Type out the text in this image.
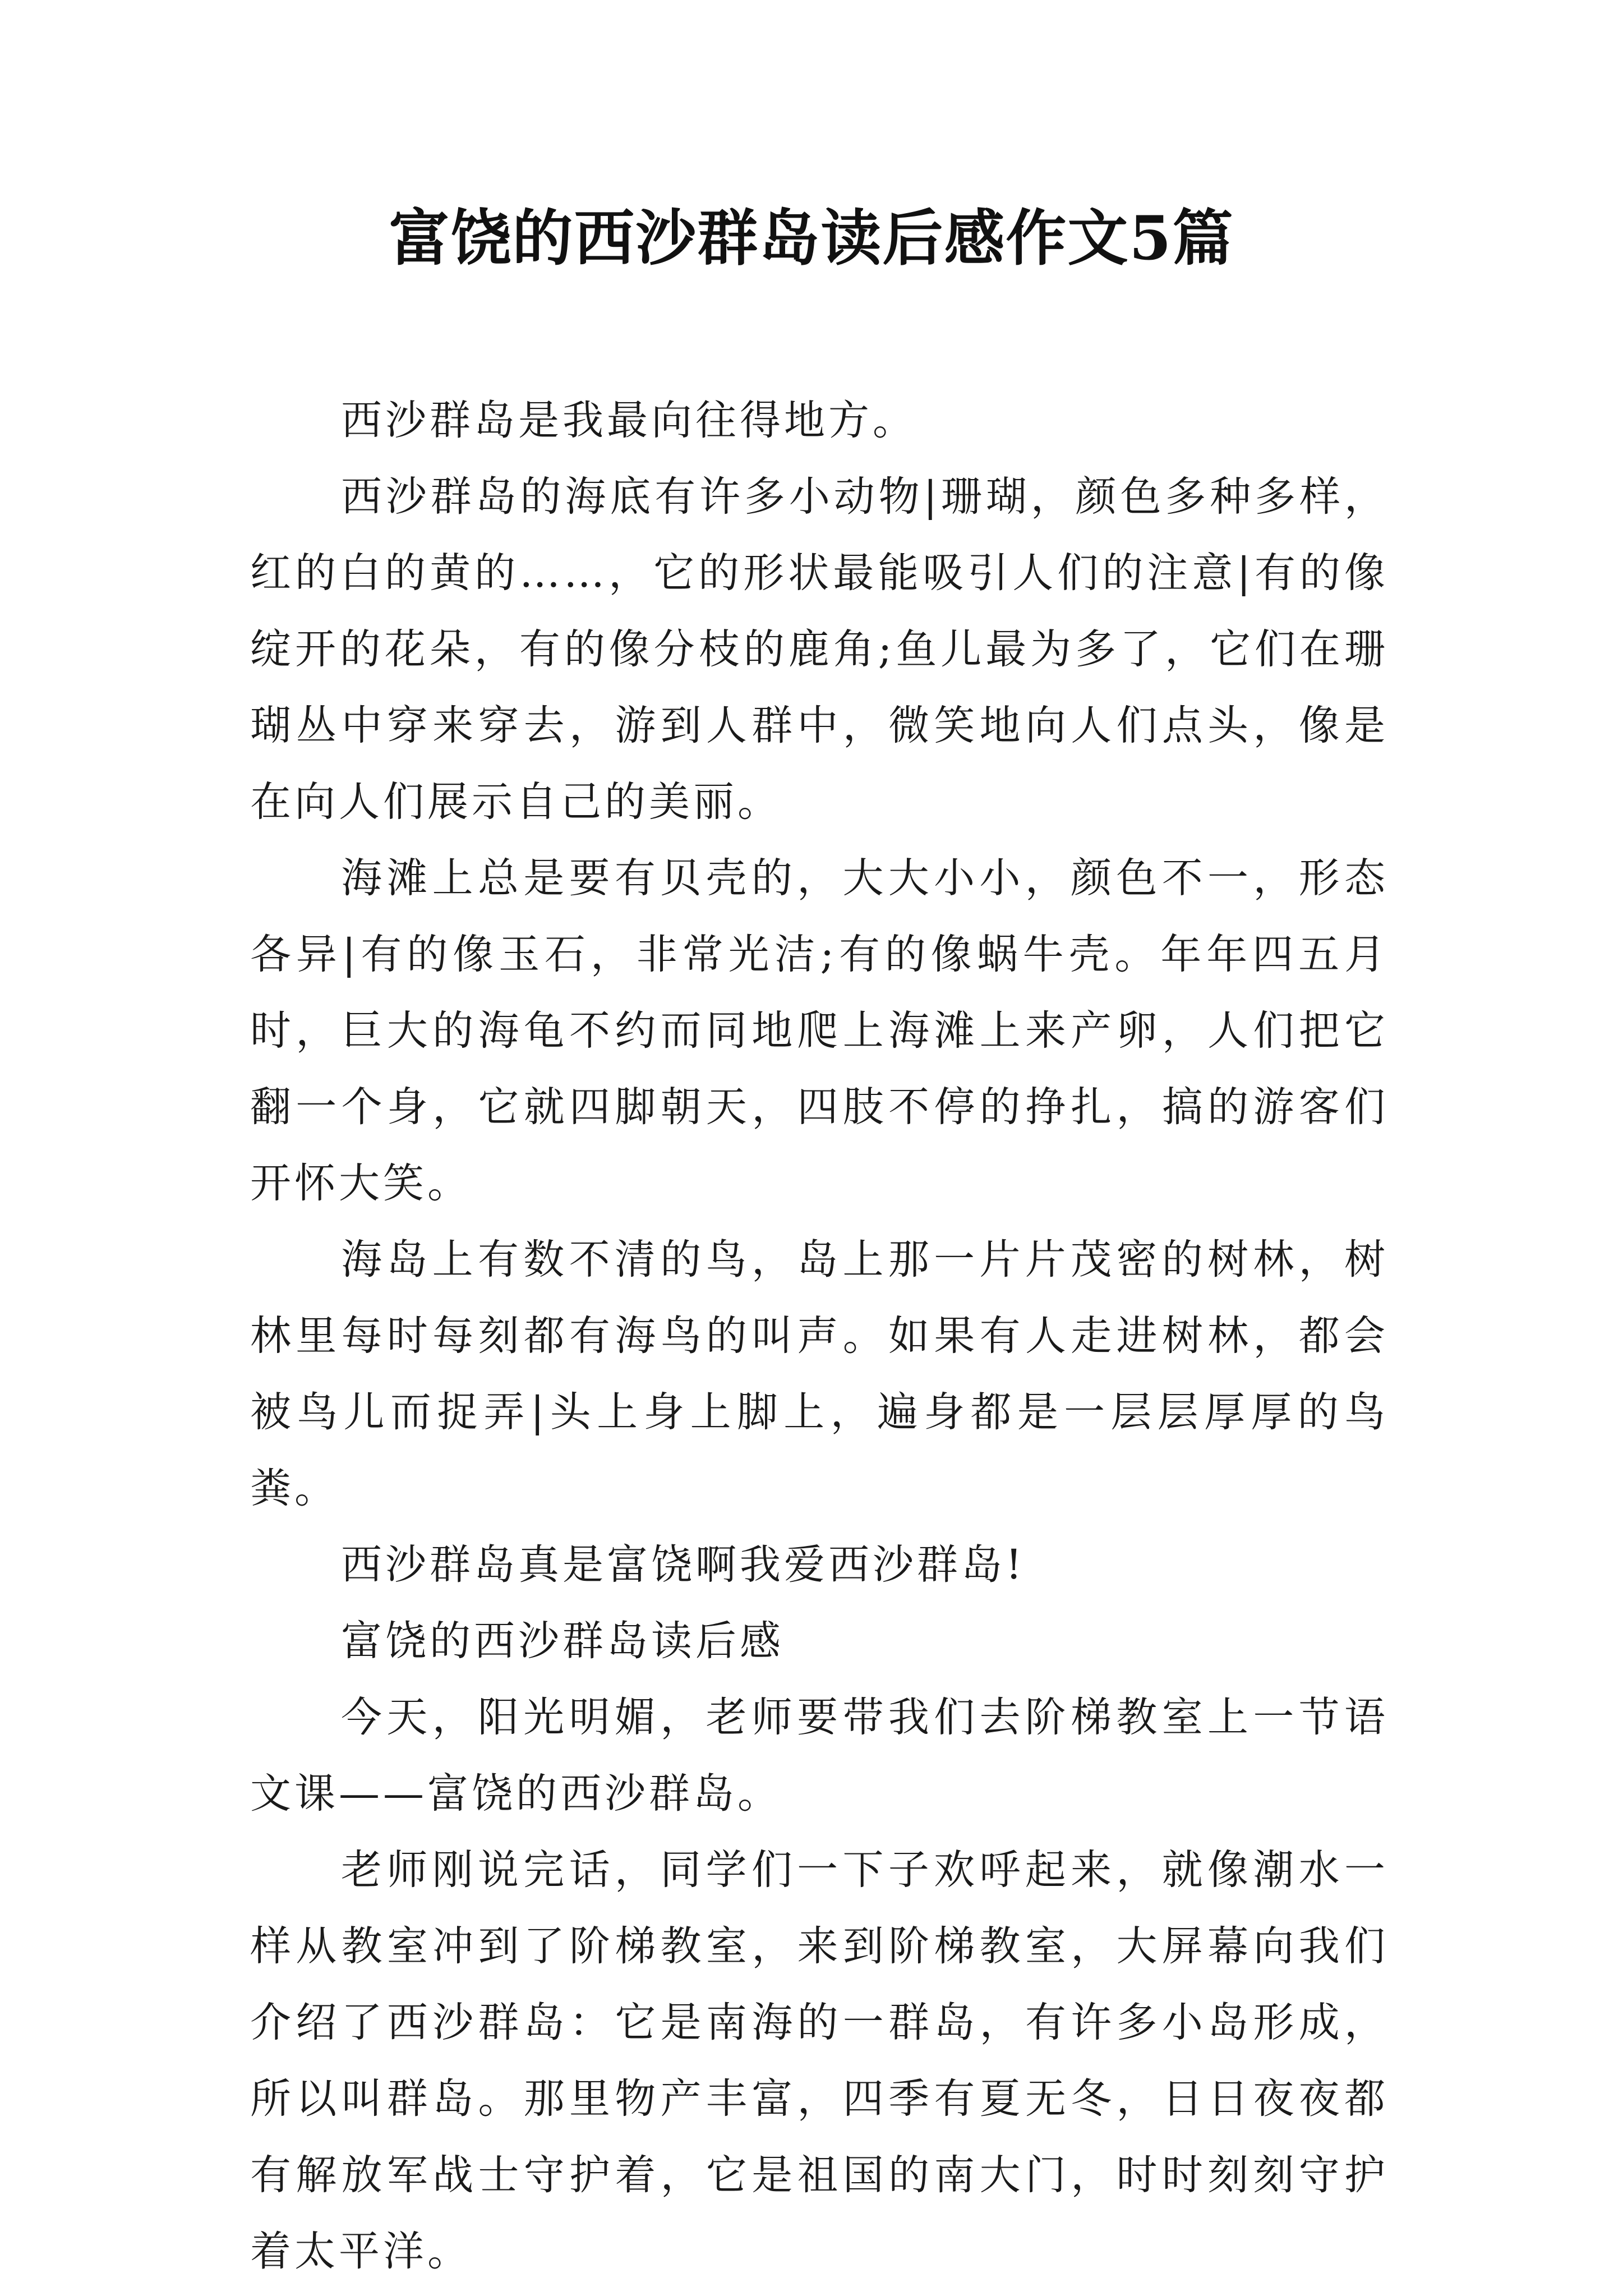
富饶的西沙群岛读后感作文5篇

西沙群岛是我最向往得地方。

西沙群岛的海底有许多小动物|珊瑚，颜色多种多样，红的白的黄的……，它的形状最能吸引人们的注意|有的像绽开的花朵，有的像分枝的鹿角;鱼儿最为多了，它们在珊瑚丛中穿来穿去，游到人群中，微笑地向人们点头，像是在向人们展示自己的美丽。

海滩上总是要有贝壳的，大大小小，颜色不一，形态各异|有的像玉石，非常光洁;有的像蜗牛壳。年年四五月时，巨大的海龟不约而同地爬上海滩上来产卵，人们把它翻一个身，它就四脚朝天，四肢不停的挣扎，搞的游客们开怀大笑。

海岛上有数不清的鸟，岛上那一片片茂密的树林，树林里每时每刻都有海鸟的叫声。如果有人走进树林，都会被鸟儿而捉弄|头上身上脚上，遍身都是一层层厚厚的鸟粪。

西沙群岛真是富饶啊我爱西沙群岛!

富饶的西沙群岛读后感

今天，阳光明媚，老师要带我们去阶梯教室上一节语文课——富饶的西沙群岛。

老师刚说完话，同学们一下子欢呼起来，就像潮水一样从教室冲到了阶梯教室，来到阶梯教室，大屏幕向我们介绍了西沙群岛：它是南海的一群岛，有许多小岛形成，所以叫群岛。那里物产丰富，四季有夏无冬，日日夜夜都有解放军战士守护着，它是祖国的南大门，时时刻刻守护着太平洋。
